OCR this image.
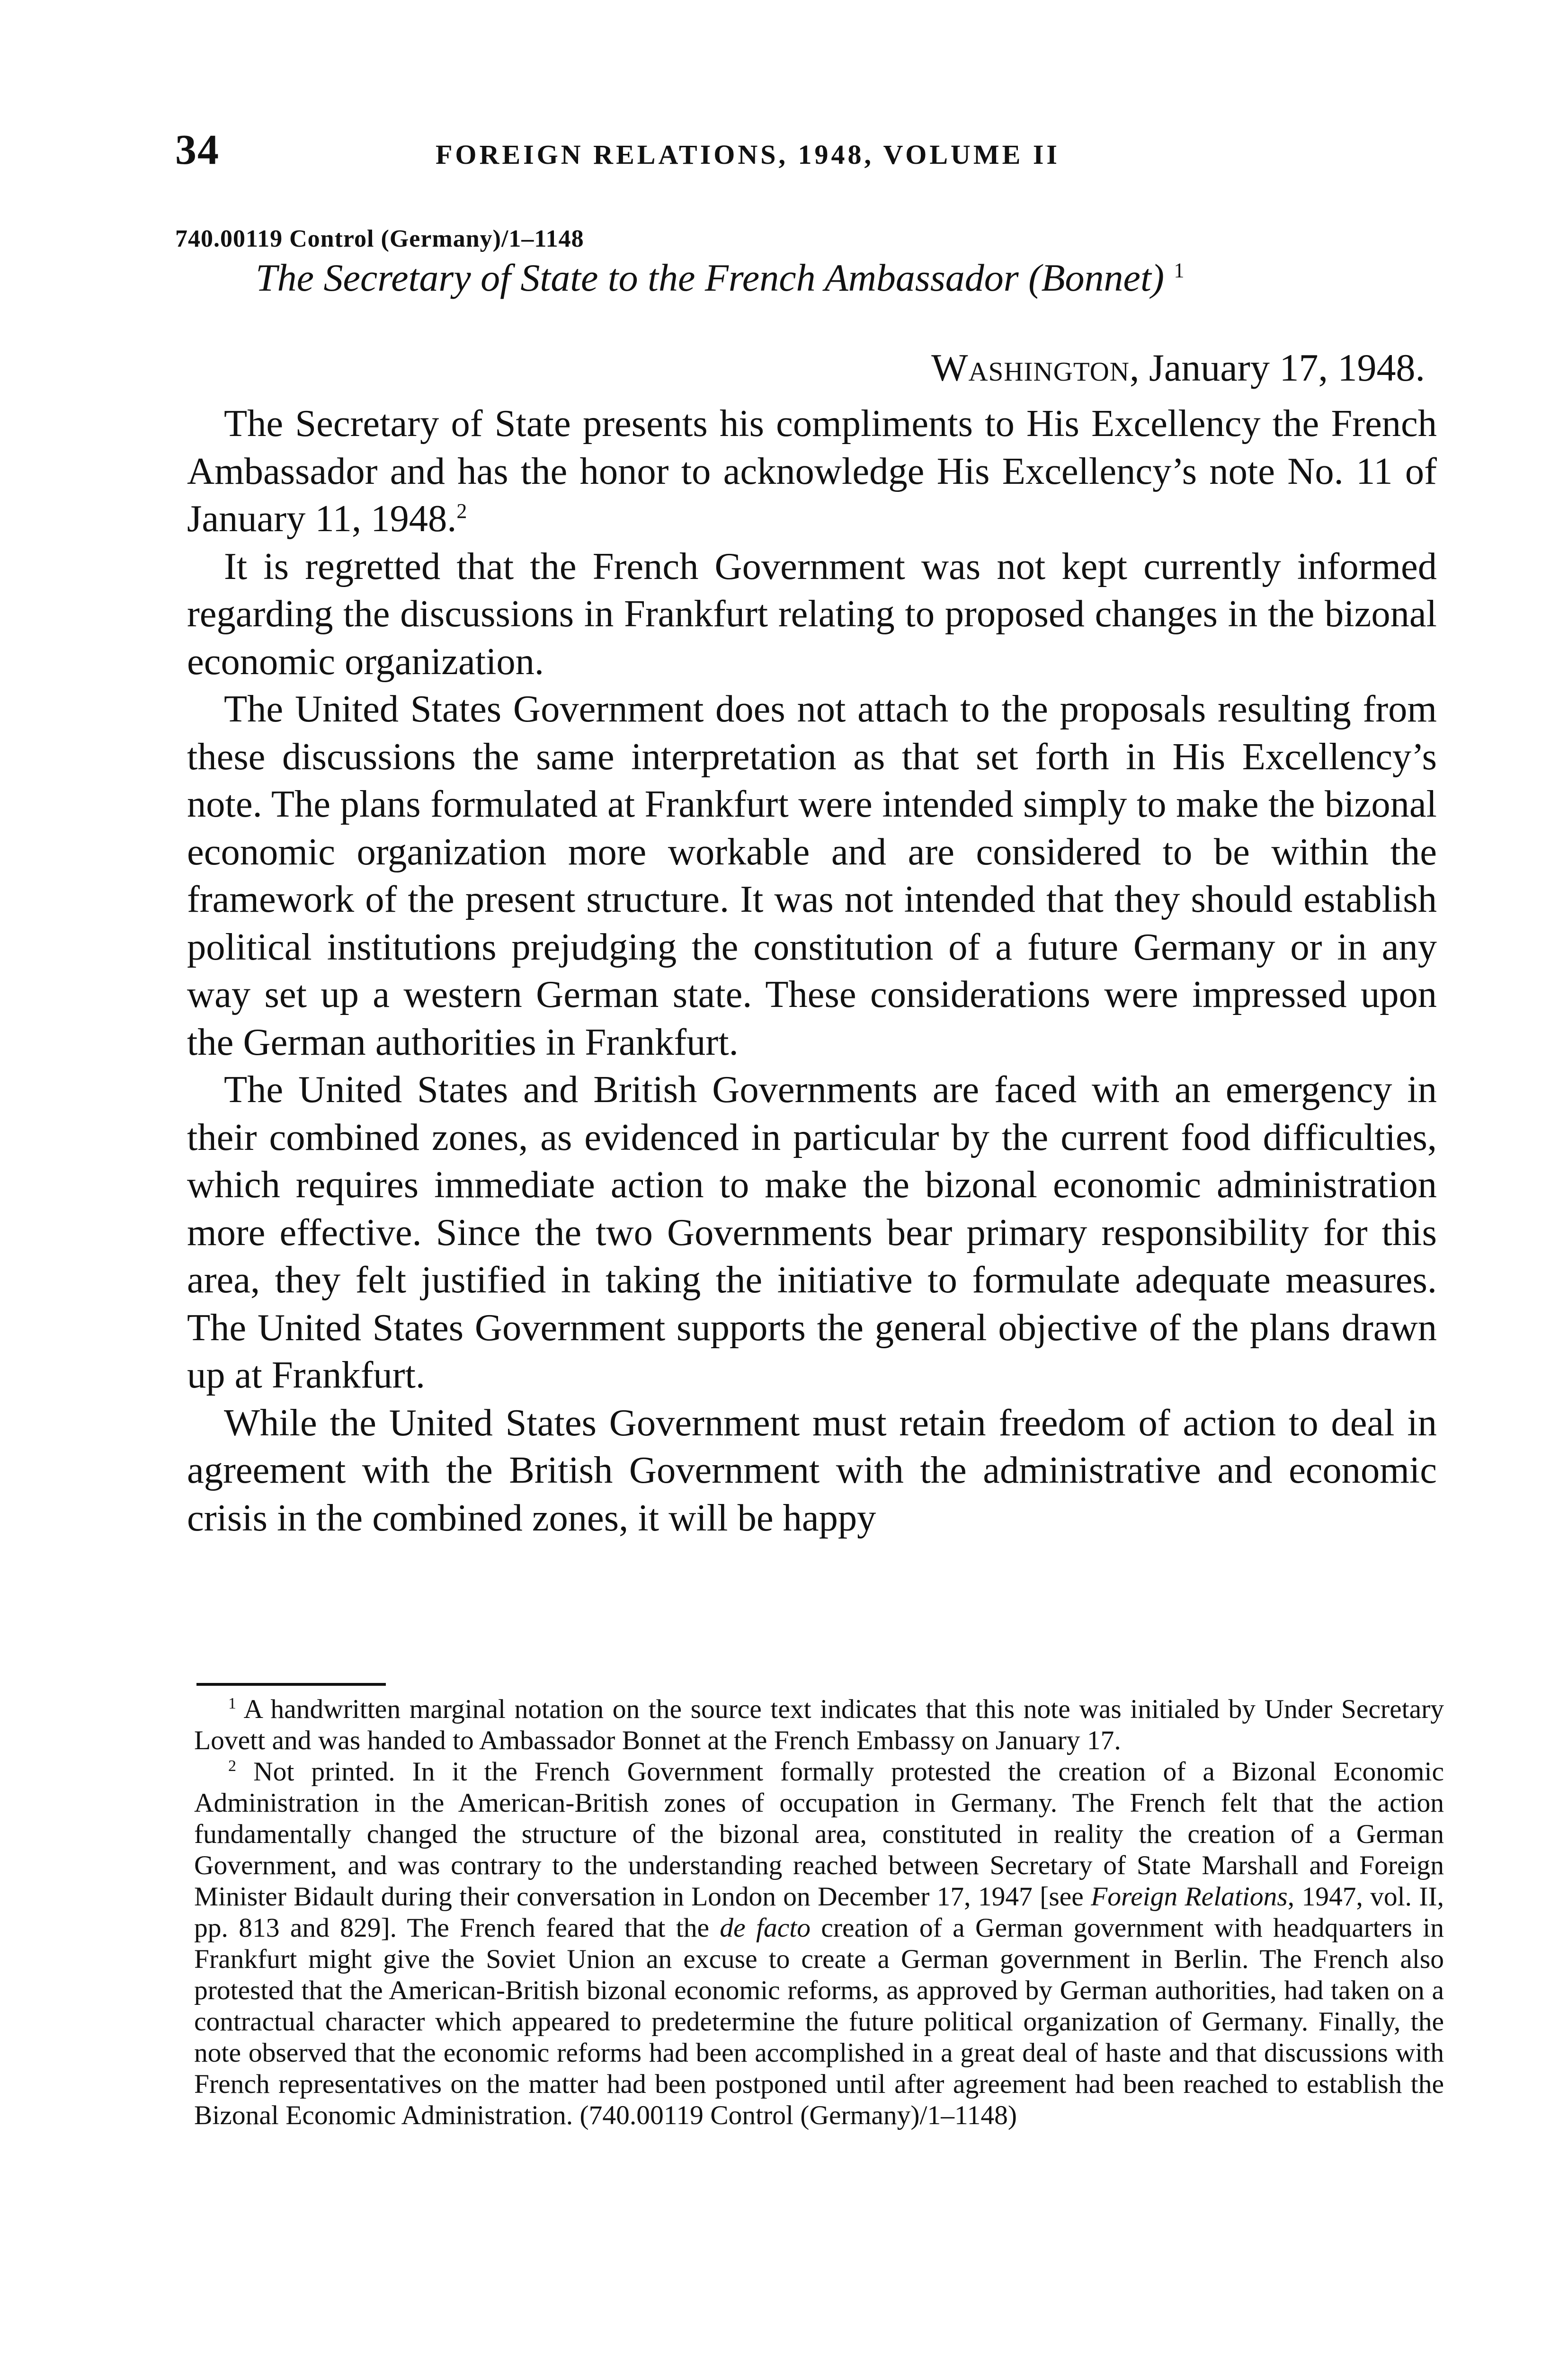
34	FOREIGN RELATIONS, 1948, VOLUME II
740.00119 Control (Germany)/1–1148
The Secretary of State to the French Ambassador (Bonnet) $^1$
Washington, January 17, 1948.

The Secretary of State presents his compliments to His Excellency the French Ambassador and has the honor to acknowledge His Excellency’s note No. 11 of January 11, 1948.$^2$

It is regretted that the French Government was not kept currently informed regarding the discussions in Frankfurt relating to proposed changes in the bizonal economic organization.

The United States Government does not attach to the proposals resulting from these discussions the same interpretation as that set forth in His Excellency’s note. The plans formulated at Frankfurt were intended simply to make the bizonal economic organization more workable and are considered to be within the framework of the present structure. It was not intended that they should establish political institutions prejudging the constitution of a future Germany or in any way set up a western German state. These considerations were impressed upon the German authorities in Frankfurt.

The United States and British Governments are faced with an emergency in their combined zones, as evidenced in particular by the current food difficulties, which requires immediate action to make the bizonal economic administration more effective. Since the two Governments bear primary responsibility for this area, they felt justified in taking the initiative to formulate adequate measures. The United States Government supports the general objective of the plans drawn up at Frankfurt.

While the United States Government must retain freedom of action to deal in agreement with the British Government with the administrative and economic crisis in the combined zones, it will be happy

$^1$ A handwritten marginal notation on the source text indicates that this note was initialed by Under Secretary Lovett and was handed to Ambassador Bonnet at the French Embassy on January 17.

$^2$ Not printed. In it the French Government formally protested the creation of a Bizonal Economic Administration in the American-British zones of occupation in Germany. The French felt that the action fundamentally changed the structure of the bizonal area, constituted in reality the creation of a German Government, and was contrary to the understanding reached between Secretary of State Marshall and Foreign Minister Bidault during their conversation in London on December 17, 1947 [see Foreign Relations, 1947, vol. II, pp. 813 and 829]. The French feared that the de facto creation of a German government with headquarters in Frankfurt might give the Soviet Union an excuse to create a German government in Berlin. The French also protested that the American-British bizonal economic reforms, as approved by German authorities, had taken on a contractual character which appeared to predetermine the future political organization of Germany. Finally, the note observed that the economic reforms had been accomplished in a great deal of haste and that discussions with French representatives on the matter had been postponed until after agreement had been reached to establish the Bizonal Economic Administration. (740.00119 Control (Germany)/1–1148)
